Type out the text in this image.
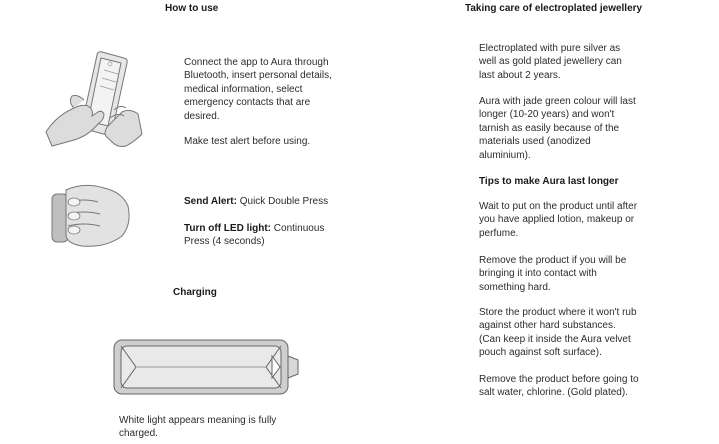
How to use
Connect the app to Aura through Bluetooth, insert personal details, medical information, select emergency contacts that are desired.
Make test alert before using.
Send Alert: Quick Double Press
Turn off LED light: Continuous Press (4 seconds)
Charging
White light appears meaning is fully charged.
Taking care of electroplated jewellery
Electroplated with pure silver as well as gold plated jewellery can last about 2 years.
Aura with jade green colour will last longer (10-20 years) and won't tarnish as easily because of the materials used (anodized aluminium).
Tips to make Aura last longer
Wait to put on the product until after you have applied lotion, makeup or perfume.
Remove the product if you will be bringing it into contact with something hard.
Store the product where it won't rub against other hard substances. (Can keep it inside the Aura velvet pouch against soft surface).
Remove the product before going to salt water, chlorine. (Gold plated).
